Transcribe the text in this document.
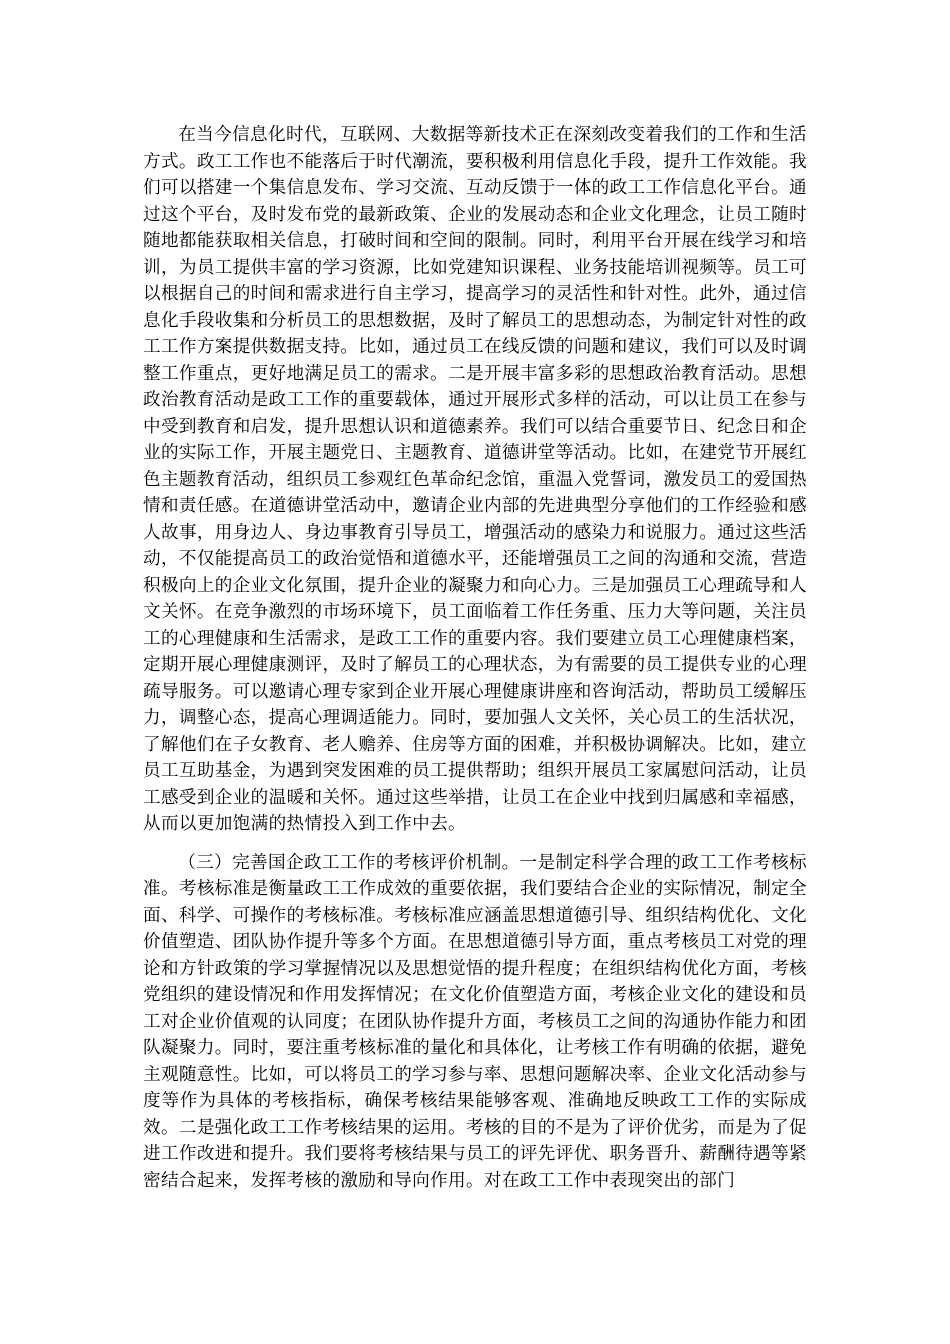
在当今信息化时代，互联网、大数据等新技术正在深刻改变着我们的工作和生活方式。政工工作也不能落后于时代潮流，要积极利用信息化手段，提升工作效能。我们可以搭建一个集信息发布、学习交流、互动反馈于一体的政工工作信息化平台。通过这个平台，及时发布党的最新政策、企业的发展动态和企业文化理念，让员工随时随地都能获取相关信息，打破时间和空间的限制。同时，利用平台开展在线学习和培训，为员工提供丰富的学习资源，比如党建知识课程、业务技能培训视频等。员工可以根据自己的时间和需求进行自主学习，提高学习的灵活性和针对性。此外，通过信息化手段收集和分析员工的思想数据，及时了解员工的思想动态，为制定针对性的政工工作方案提供数据支持。比如，通过员工在线反馈的问题和建议，我们可以及时调整工作重点，更好地满足员工的需求。二是开展丰富多彩的思想政治教育活动。思想政治教育活动是政工工作的重要载体，通过开展形式多样的活动，可以让员工在参与中受到教育和启发，提升思想认识和道德素养。我们可以结合重要节日、纪念日和企业的实际工作，开展主题党日、主题教育、道德讲堂等活动。比如，在建党节开展红色主题教育活动，组织员工参观红色革命纪念馆，重温入党誓词，激发员工的爱国热情和责任感。在道德讲堂活动中，邀请企业内部的先进典型分享他们的工作经验和感人故事，用身边人、身边事教育引导员工，增强活动的感染力和说服力。通过这些活动，不仅能提高员工的政治觉悟和道德水平，还能增强员工之间的沟通和交流，营造积极向上的企业文化氛围，提升企业的凝聚力和向心力。三是加强员工心理疏导和人文关怀。在竞争激烈的市场环境下，员工面临着工作任务重、压力大等问题，关注员工的心理健康和生活需求，是政工工作的重要内容。我们要建立员工心理健康档案，定期开展心理健康测评，及时了解员工的心理状态，为有需要的员工提供专业的心理疏导服务。可以邀请心理专家到企业开展心理健康讲座和咨询活动，帮助员工缓解压力，调整心态，提高心理调适能力。同时，要加强人文关怀，关心员工的生活状况，了解他们在子女教育、老人赡养、住房等方面的困难，并积极协调解决。比如，建立员工互助基金，为遇到突发困难的员工提供帮助；组织开展员工家属慰问活动，让员工感受到企业的温暖和关怀。通过这些举措，让员工在企业中找到归属感和幸福感，从而以更加饱满的热情投入到工作中去。

（三）完善国企政工工作的考核评价机制。一是制定科学合理的政工工作考核标准。考核标准是衡量政工工作成效的重要依据，我们要结合企业的实际情况，制定全面、科学、可操作的考核标准。考核标准应涵盖思想道德引导、组织结构优化、文化价值塑造、团队协作提升等多个方面。在思想道德引导方面，重点考核员工对党的理论和方针政策的学习掌握情况以及思想觉悟的提升程度；在组织结构优化方面，考核党组织的建设情况和作用发挥情况；在文化价值塑造方面，考核企业文化的建设和员工对企业价值观的认同度；在团队协作提升方面，考核员工之间的沟通协作能力和团队凝聚力。同时，要注重考核标准的量化和具体化，让考核工作有明确的依据，避免主观随意性。比如，可以将员工的学习参与率、思想问题解决率、企业文化活动参与度等作为具体的考核指标，确保考核结果能够客观、准确地反映政工工作的实际成效。二是强化政工工作考核结果的运用。考核的目的不是为了评价优劣，而是为了促进工作改进和提升。我们要将考核结果与员工的评先评优、职务晋升、薪酬待遇等紧密结合起来，发挥考核的激励和导向作用。对在政工工作中表现突出的部门
